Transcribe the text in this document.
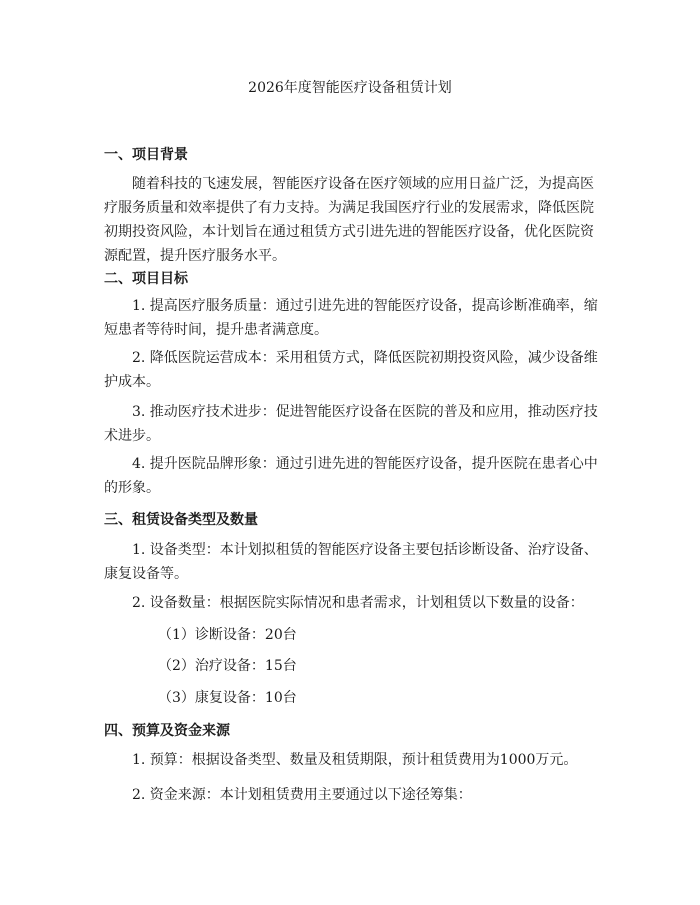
2026年度智能医疗设备租赁计划
一、项目背景

随着科技的飞速发展，智能医疗设备在医疗领域的应用日益广泛，为提高医疗服务质量和效率提供了有力支持。为满足我国医疗行业的发展需求，降低医院初期投资风险，本计划旨在通过租赁方式引进先进的智能医疗设备，优化医院资源配置，提升医疗服务水平。

二、项目目标

1. 提高医疗服务质量：通过引进先进的智能医疗设备，提高诊断准确率，缩短患者等待时间，提升患者满意度。

2. 降低医院运营成本：采用租赁方式，降低医院初期投资风险，减少设备维护成本。

3. 推动医疗技术进步：促进智能医疗设备在医院的普及和应用，推动医疗技术进步。

4. 提升医院品牌形象：通过引进先进的智能医疗设备，提升医院在患者心中的形象。

三、租赁设备类型及数量

1. 设备类型：本计划拟租赁的智能医疗设备主要包括诊断设备、治疗设备、康复设备等。

2. 设备数量：根据医院实际情况和患者需求，计划租赁以下数量的设备：

（1）诊断设备：20台
（2）治疗设备：15台
（3）康复设备：10台
四、预算及资金来源

1. 预算：根据设备类型、数量及租赁期限，预计租赁费用为1000万元。

2. 资金来源：本计划租赁费用主要通过以下途径筹集：
